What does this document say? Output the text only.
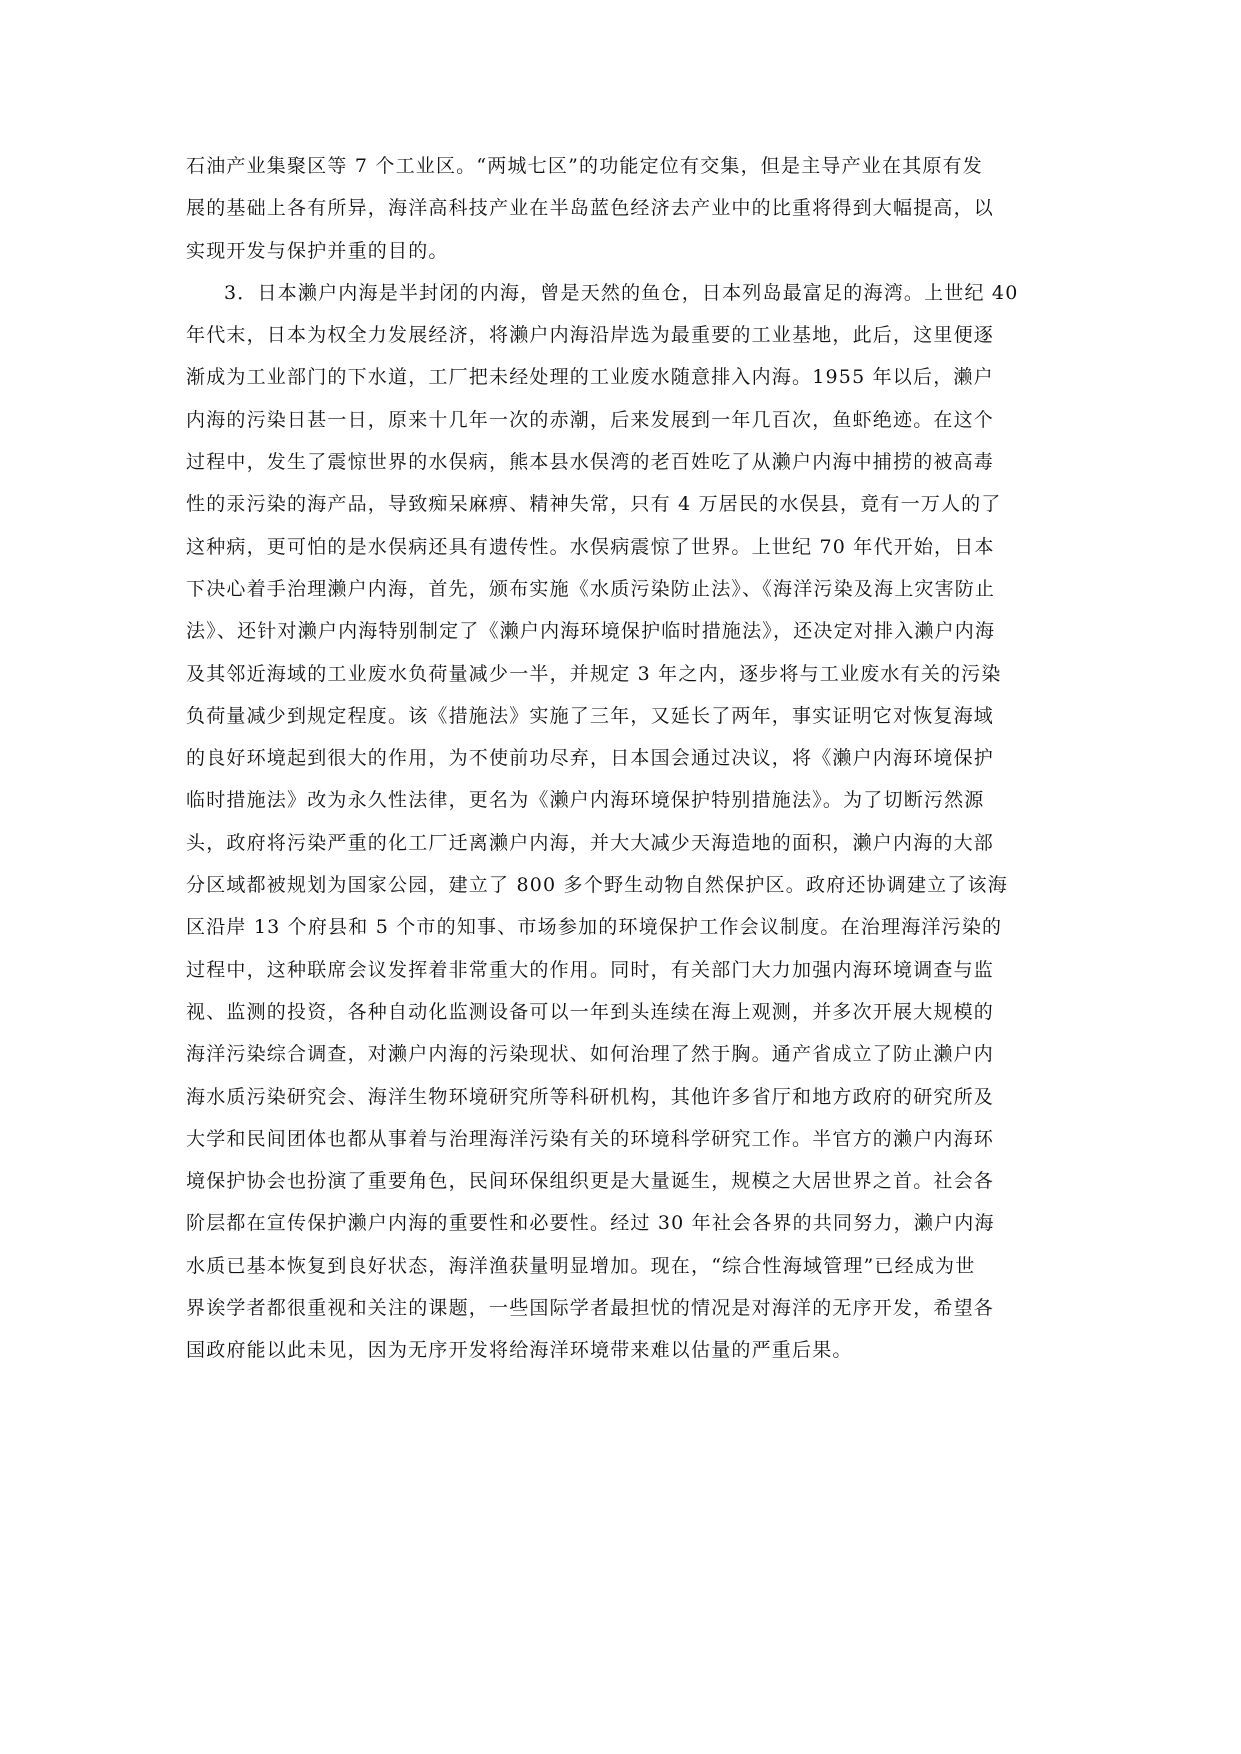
石油产业集聚区等 7 个工业区。“两城七区”的功能定位有交集，但是主导产业在其原有发
展的基础上各有所异，海洋高科技产业在半岛蓝色经济去产业中的比重将得到大幅提高，以
实现开发与保护并重的目的。
3．日本濑户内海是半封闭的内海，曾是天然的鱼仓，日本列岛最富足的海湾。上世纪 40
年代末，日本为权全力发展经济，将濑户内海沿岸选为最重要的工业基地，此后，这里便逐
渐成为工业部门的下水道，工厂把未经处理的工业废水随意排入内海。1955 年以后，濑户
内海的污染日甚一日，原来十几年一次的赤潮，后来发展到一年几百次，鱼虾绝迹。在这个
过程中，发生了震惊世界的水俣病，熊本县水俣湾的老百姓吃了从濑户内海中捕捞的被高毒
性的汞污染的海产品，导致痴呆麻痹、精神失常，只有 4 万居民的水俣县，竟有一万人的了
这种病，更可怕的是水俣病还具有遗传性。水俣病震惊了世界。上世纪 70 年代开始，日本
下决心着手治理濑户内海，首先，颁布实施《水质污染防止法》、《海洋污染及海上灾害防止
法》、还针对濑户内海特别制定了《濑户内海环境保护临时措施法》，还决定对排入濑户内海
及其邻近海域的工业废水负荷量减少一半，并规定 3 年之内，逐步将与工业废水有关的污染
负荷量减少到规定程度。该《措施法》实施了三年，又延长了两年，事实证明它对恢复海域
的良好环境起到很大的作用，为不使前功尽弃，日本国会通过决议，将《濑户内海环境保护
临时措施法》改为永久性法律，更名为《濑户内海环境保护特别措施法》。为了切断污然源
头，政府将污染严重的化工厂迁离濑户内海，并大大减少天海造地的面积，濑户内海的大部
分区域都被规划为国家公园，建立了 800 多个野生动物自然保护区。政府还协调建立了该海
区沿岸 13 个府县和 5 个市的知事、市场参加的环境保护工作会议制度。在治理海洋污染的
过程中，这种联席会议发挥着非常重大的作用。同时，有关部门大力加强内海环境调查与监
视、监测的投资，各种自动化监测设备可以一年到头连续在海上观测，并多次开展大规模的
海洋污染综合调查，对濑户内海的污染现状、如何治理了然于胸。通产省成立了防止濑户内
海水质污染研究会、海洋生物环境研究所等科研机构，其他许多省厅和地方政府的研究所及
大学和民间团体也都从事着与治理海洋污染有关的环境科学研究工作。半官方的濑户内海环
境保护协会也扮演了重要角色，民间环保组织更是大量诞生，规模之大居世界之首。社会各
阶层都在宣传保护濑户内海的重要性和必要性。经过 30 年社会各界的共同努力，濑户内海
水质已基本恢复到良好状态，海洋渔获量明显增加。现在，“综合性海域管理”已经成为世
界诶学者都很重视和关注的课题，一些国际学者最担忧的情况是对海洋的无序开发，希望各
国政府能以此未见，因为无序开发将给海洋环境带来难以估量的严重后果。
